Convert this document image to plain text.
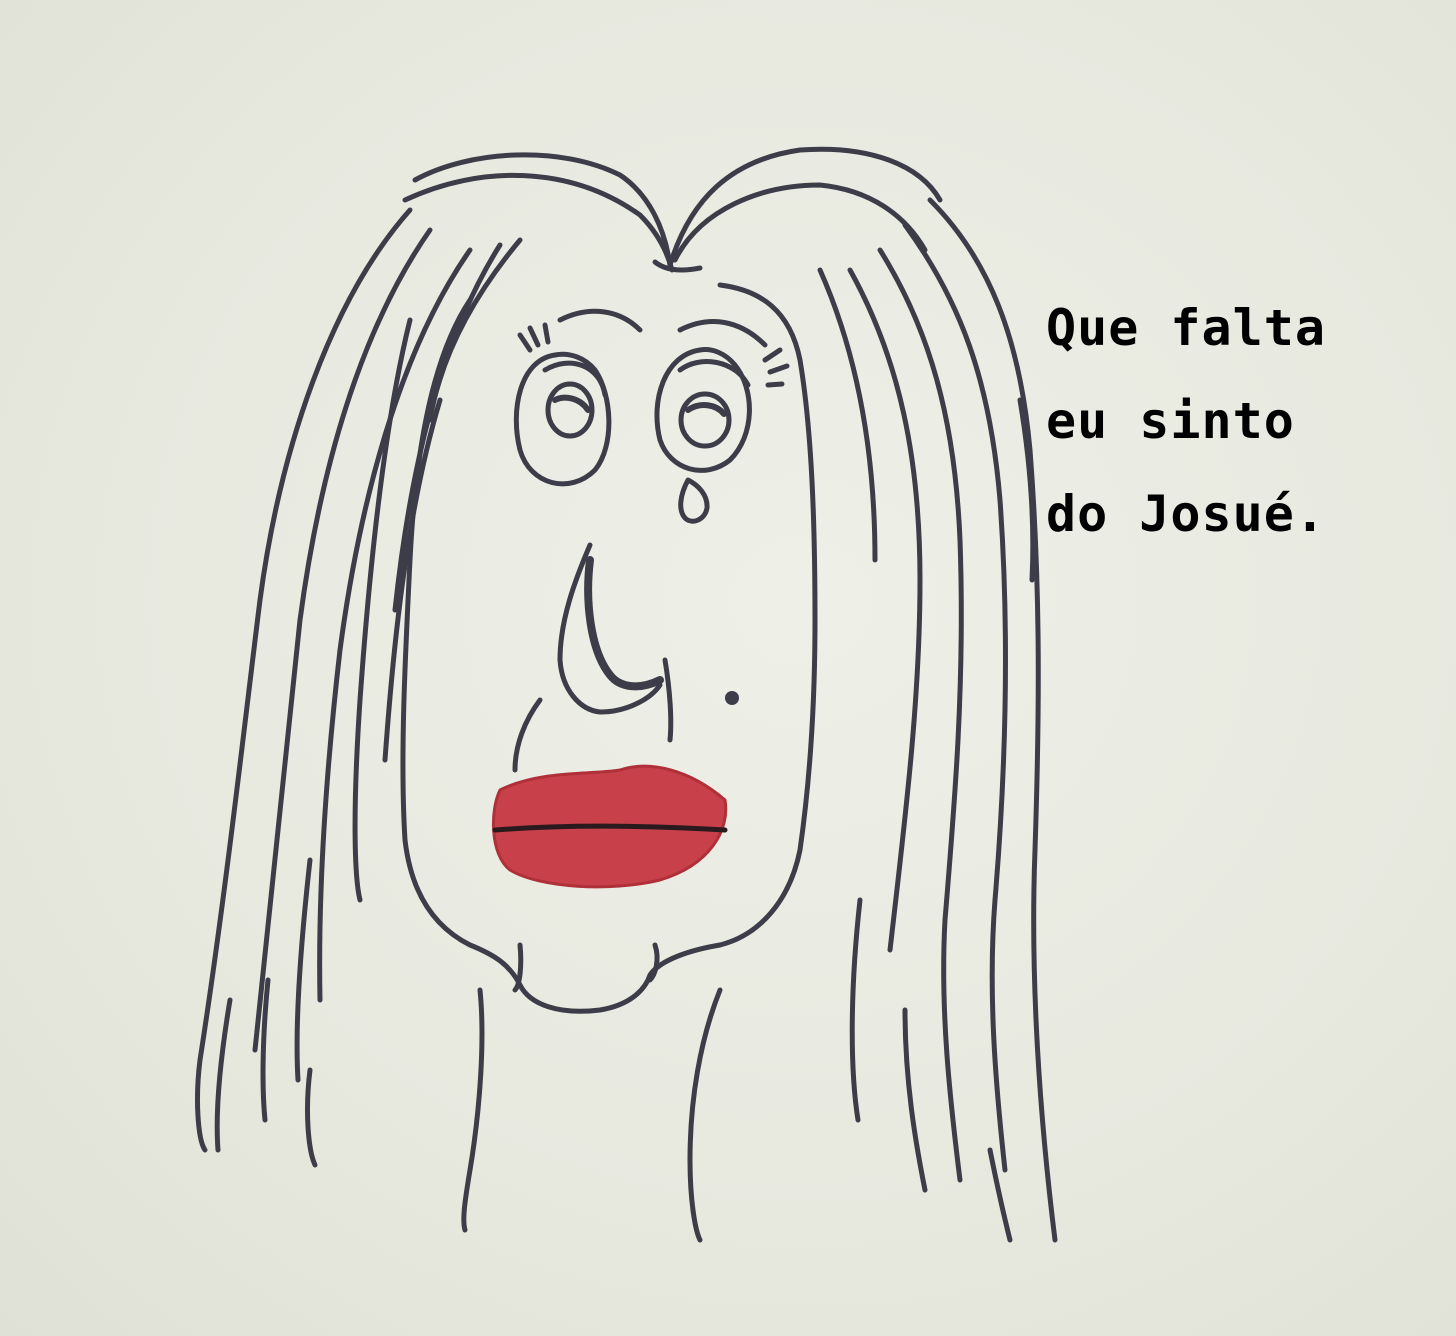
Que falta
eu sinto
do Josué.
